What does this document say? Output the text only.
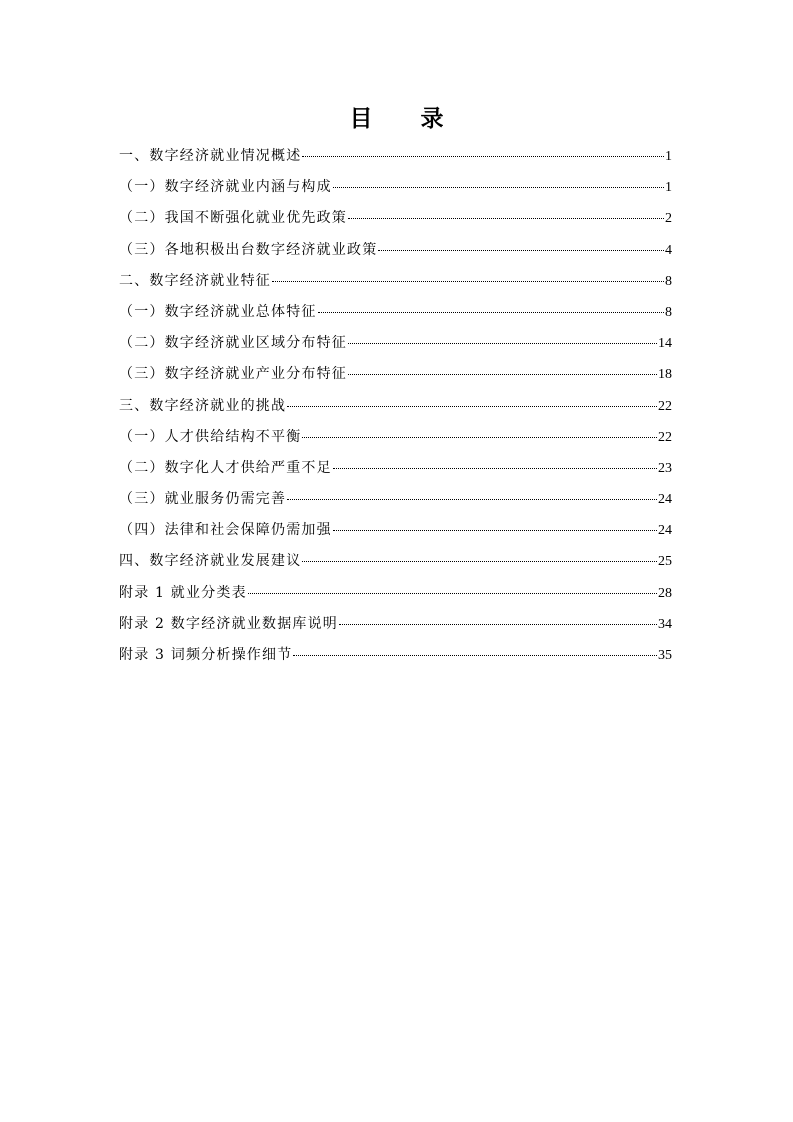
目 录
一、数字经济就业情况概述	1
（一）数字经济就业内涵与构成	1
（二）我国不断强化就业优先政策	2
（三）各地积极出台数字经济就业政策	4
二、数字经济就业特征	8
（一）数字经济就业总体特征	8
（二）数字经济就业区域分布特征	14
（三）数字经济就业产业分布特征	18
三、数字经济就业的挑战	22
（一）人才供给结构不平衡	22
（二）数字化人才供给严重不足	23
（三）就业服务仍需完善	24
（四）法律和社会保障仍需加强	24
四、数字经济就业发展建议	25
附录 1 就业分类表	28
附录 2 数字经济就业数据库说明	34
附录 3 词频分析操作细节	35
